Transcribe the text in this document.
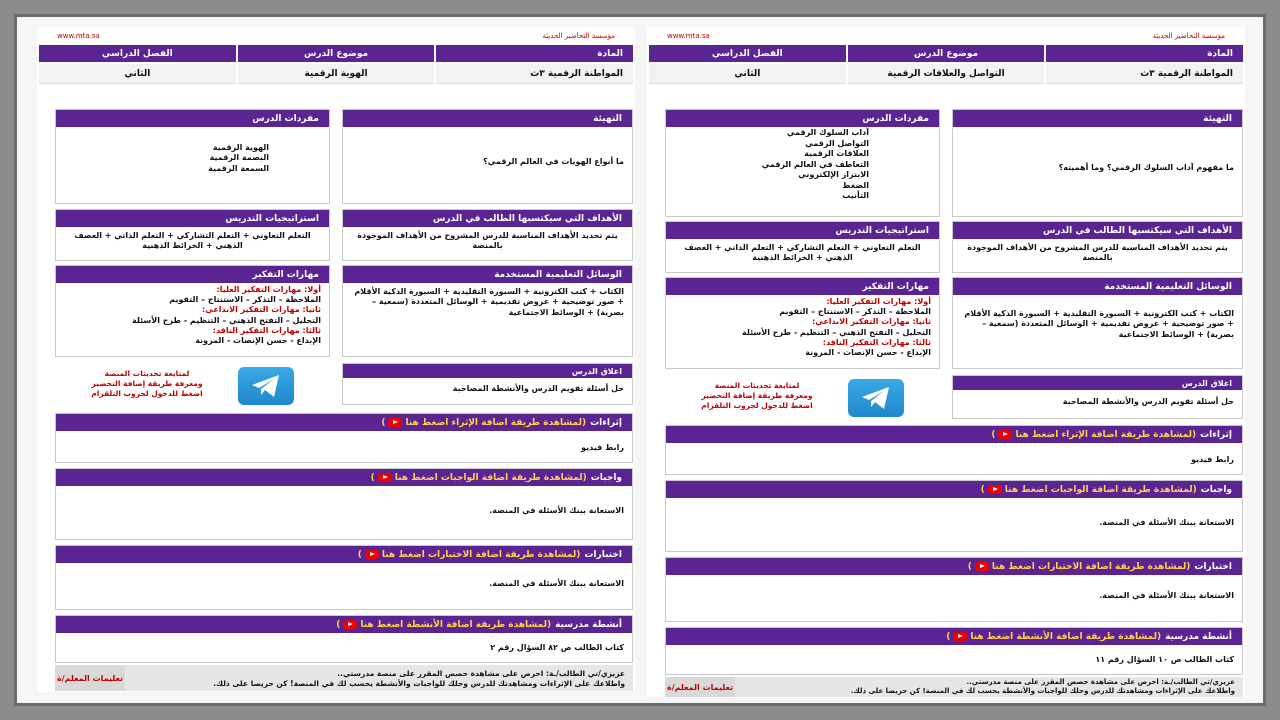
مؤسسة التحاضير الحديثة
www.mta.sa
المادة
موضوع الدرس
الفصل الدراسي
المواطنة الرقمية ٣ث
الهوية الرقمية
الثاني
التهيئة
ما أنواع الهويات في العالم الرقمي؟
مفردات الدرس
الهوية الرقمية
البصمة الرقمية
السمعة الرقمية
الأهداف التي سيكتسبها الطالب في الدرس
يتم تحديد الأهداف المناسبة للدرس المشروح من الأهداف الموجودة بالمنصة
استراتيجيات التدريس
التعلم التعاوني + التعلم التشاركي + التعلم الذاتي + العصف الذهني + الخرائط الذهنية
الوسائل التعليمية المستخدمة
الكتاب + كتب الكترونية + السبورة التقليدية + السبورة الذكية الأقلام + صور توضيحية + عروض تقديمية + الوسائل المتعددة (سمعية – بصرية) + الوسائط الاجتماعية
مهارات التفكير
أولا: مهارات التفكير العليا:
الملاحظة – التذكر – الاستنتاج – التقويم
ثانيا: مهارات التفكير الابداعي:
التحليل – التفتح الذهني – التنظيم - طرح الأسئلة
ثالثا: مهارات التفكير الناقد:
الإبداع - حسن الإنصات - المرونة
اغلاق الدرس
حل أسئلة تقويم الدرس والأنشطة المصاحبة
لمتابعة تحديثات المنصة
ومعرفة طريقة إضافة التحضير
اضغط للدخول لجروب التلقرام
إثراءات
(لمشاهدة طريقة اضافة الإثراء اضغط هنا)
رابط فيديو
واجبات
(لمشاهدة طريقة اضافة الواجبات اضغط هنا)
الاستعانة ببنك الأسئلة في المنصة.
اختبارات
(لمشاهدة طريقة اضافة الاختبارات اضغط هنا)
الاستعانة ببنك الأسئلة في المنصة.
أنشطة مدرسية
(لمشاهدة طريقة اضافة الأنشطة اضغط هنا)
كتاب الطالب ص ٨٢ السؤال رقم ٢
عزيزي/تي الطالب/ـة: احرص على مشاهدة حصص المقرر على منصة مدرستي..
واطلاعك على الإثراءات ومشاهدتك للدرس وحلك للواجبات والأنشطة يحسب لك في المنصة! كن حريصا على ذلك.
تعليمات المعلم/ة
مؤسسة التحاضير الحديثة
www.mta.sa
المادة
موضوع الدرس
الفصل الدراسي
المواطنة الرقمية ٣ث
التواصل والعلاقات الرقمية
الثاني
التهيئة
ما مفهوم آداب السلوك الرقمي؟ وما أهميته؟
مفردات الدرس
آداب السلوك الرقمي
التواصل الرقمي
العلاقات الرقمية
التعاطف في العالم الرقمي
الابتزاز الإلكتروني
الضغط
التأنيب
الأهداف التي سيكتسبها الطالب في الدرس
يتم تحديد الأهداف المناسبة للدرس المشروح من الأهداف الموجودة بالمنصة
استراتيجيات التدريس
التعلم التعاوني + التعلم التشاركي + التعلم الذاتي + العصف الذهني + الخرائط الذهنية
الوسائل التعليمية المستخدمة
الكتاب + كتب الكترونية + السبورة التقليدية + السبورة الذكية الأقلام + صور توضيحية + عروض تقديمية + الوسائل المتعددة (سمعية – بصرية) + الوسائط الاجتماعية
مهارات التفكير
أولا: مهارات التفكير العليا:
الملاحظة – التذكر – الاستنتاج – التقويم
ثانيا: مهارات التفكير الابداعي:
التحليل – التفتح الذهني – التنظيم - طرح الأسئلة
ثالثا: مهارات التفكير الناقد:
الإبداع - حسن الإنصات - المرونة
اغلاق الدرس
حل أسئلة تقويم الدرس والأنشطة المصاحبة
لمتابعة تحديثات المنصة
ومعرفة طريقة إضافة التحضير
اضغط للدخول لجروب التلقرام
إثراءات
(لمشاهدة طريقة اضافة الإثراء اضغط هنا)
رابط فيديو
واجبات
(لمشاهدة طريقة اضافة الواجبات اضغط هنا)
الاستعانة ببنك الأسئلة في المنصة.
اختبارات
(لمشاهدة طريقة اضافة الاختبارات اضغط هنا)
الاستعانة ببنك الأسئلة في المنصة.
أنشطة مدرسية
(لمشاهدة طريقة اضافة الأنشطة اضغط هنا)
كتاب الطالب ص ١٠ السؤال رقم ١١
عزيزي/تي الطالب/ـة: احرص على مشاهدة حصص المقرر على منصة مدرستي..
واطلاعك على الإثراءات ومشاهدتك للدرس وحلك للواجبات والأنشطة يحسب لك في المنصة! كن حريصا على ذلك.
تعليمات المعلم/ة
